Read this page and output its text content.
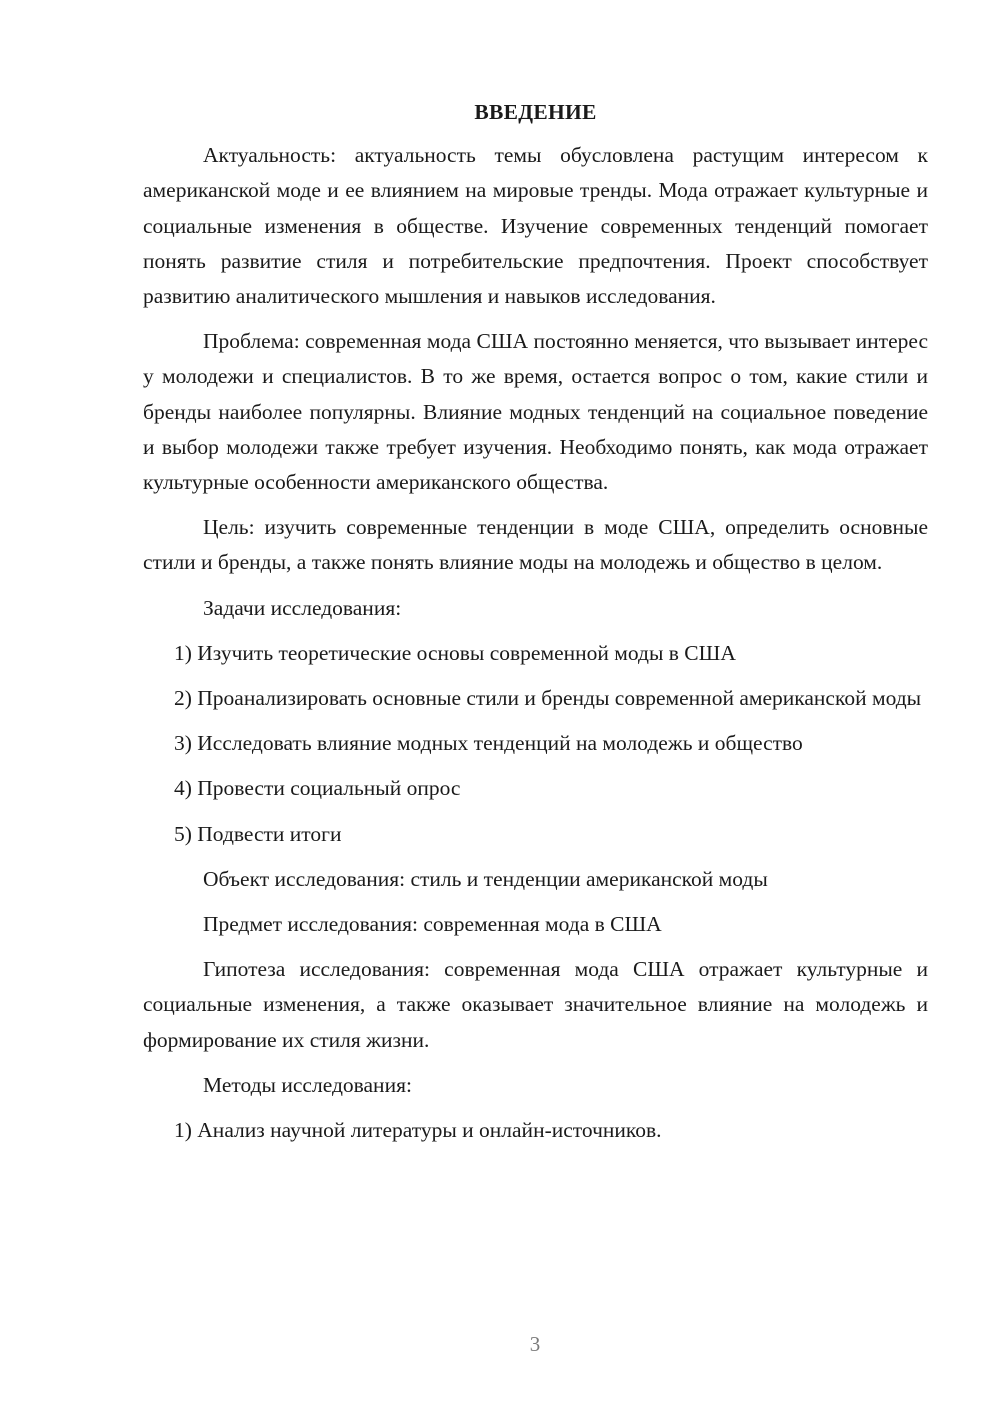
ВВЕДЕНИЕ

Актуальность: актуальность темы обусловлена растущим интересом к американской моде и ее влиянием на мировые тренды. Мода отражает культурные и социальные изменения в обществе. Изучение современных тенденций помогает понять развитие стиля и потребительские предпочтения. Проект способствует развитию аналитического мышления и навыков исследования.

Проблема: современная мода США постоянно меняется, что вызывает интерес у молодежи и специалистов. В то же время, остается вопрос о том, какие стили и бренды наиболее популярны. Влияние модных тенденций на социальное поведение и выбор молодежи также требует изучения. Необходимо понять, как мода отражает культурные особенности американского общества.

Цель: изучить современные тенденции в моде США, определить основные стили и бренды, а также понять влияние моды на молодежь и общество в целом.

Задачи исследования:

1) Изучить теоретические основы современной моды в США

2) Проанализировать основные стили и бренды современной американской моды

3) Исследовать влияние модных тенденций на молодежь и общество

4) Провести социальный опрос

5) Подвести итоги

Объект исследования: стиль и тенденции американской моды

Предмет исследования: современная мода в США

Гипотеза исследования: современная мода США отражает культурные и социальные изменения, а также оказывает значительное влияние на молодежь и формирование их стиля жизни.

Методы исследования:

1) Анализ научной литературы и онлайн-источников.

3
